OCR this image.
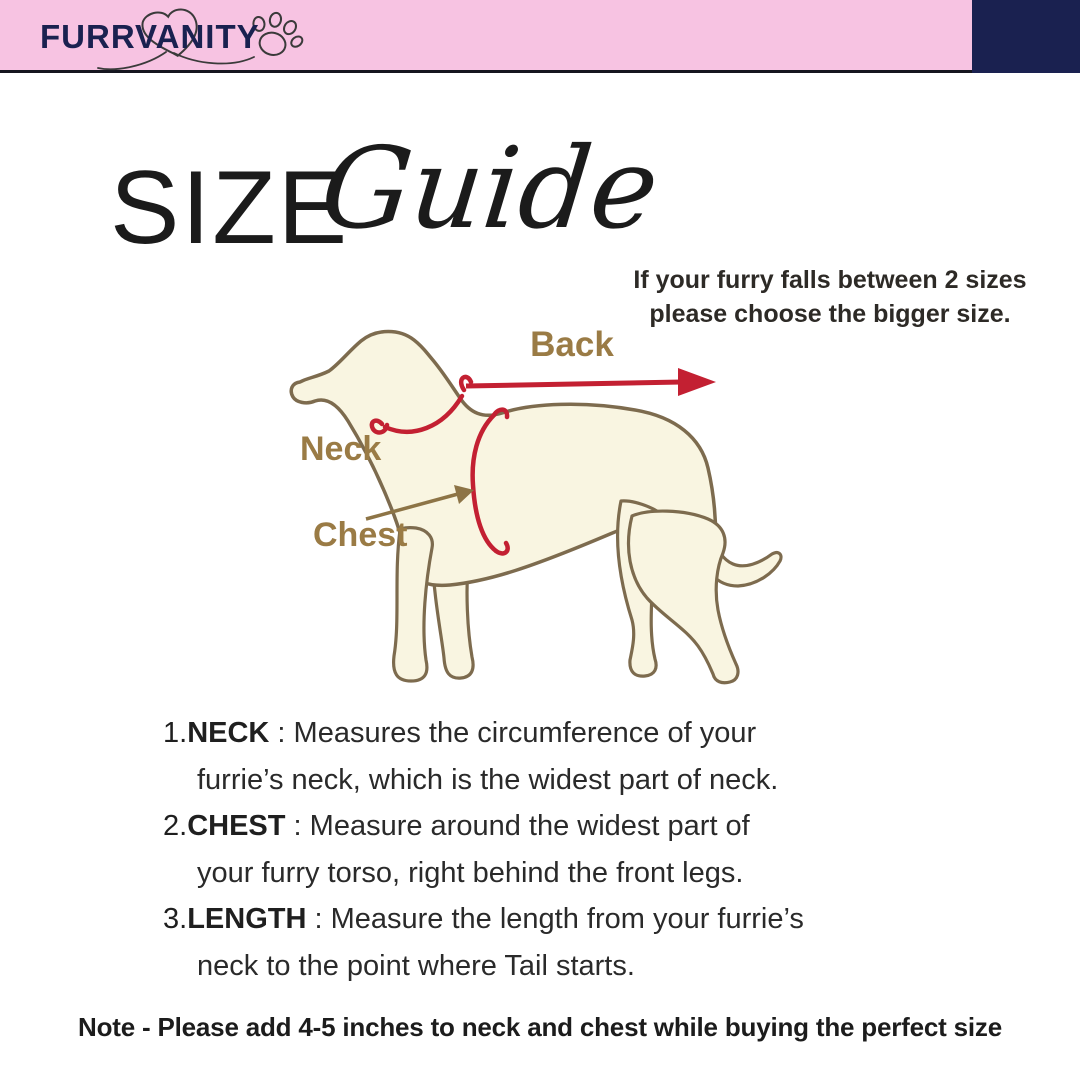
FURRVANITY
SIZE
Guide
If your furry falls between 2 sizes
please choose the bigger size.
Back
Neck
Chest
1.NECK : Measures the circumference of your
furrie’s neck, which is the widest part of neck.
2.CHEST : Measure around the widest part of
your furry torso, right behind the front legs.
3.LENGTH : Measure the length from your furrie’s
neck to the point where Tail starts.
Note - Please add 4-5 inches to neck and chest while buying the perfect size
